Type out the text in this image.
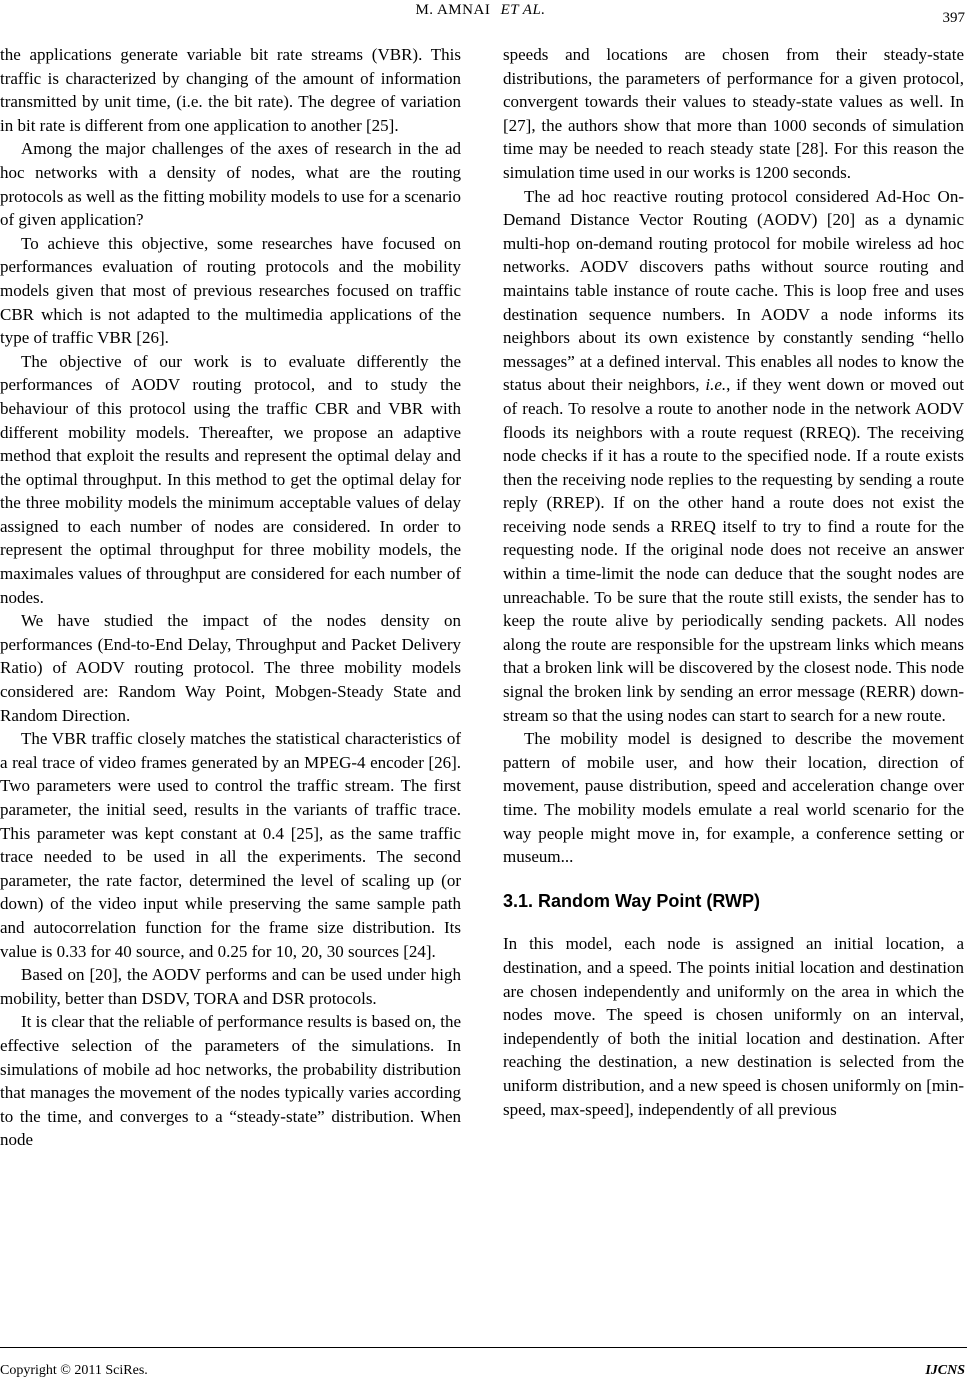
M. AMNAI ET AL.	397

the applications generate variable bit rate streams (VBR). This traffic is characterized by changing of the amount of information transmitted by unit time, (i.e. the bit rate). The degree of variation in bit rate is different from one application to another [25].

Among the major challenges of the axes of research in the ad hoc networks with a density of nodes, what are the routing protocols as well as the fitting mobility models to use for a scenario of given application?

To achieve this objective, some researches have focused on performances evaluation of routing protocols and the mobility models given that most of previous researches focused on traffic CBR which is not adapted to the multimedia applications of the type of traffic VBR [26].

The objective of our work is to evaluate differently the performances of AODV routing protocol, and to study the behaviour of this protocol using the traffic CBR and VBR with different mobility models. Thereafter, we propose an adaptive method that exploit the results and represent the optimal delay and the optimal throughput. In this method to get the optimal delay for the three mobility models the minimum acceptable values of delay assigned to each number of nodes are considered. In order to represent the optimal throughput for three mobility models, the maximales values of throughput are considered for each number of nodes.

We have studied the impact of the nodes density on performances (End-to-End Delay, Throughput and Packet Delivery Ratio) of AODV routing protocol. The three mobility models considered are: Random Way Point, Mobgen-Steady State and Random Direction.

The VBR traffic closely matches the statistical characteristics of a real trace of video frames generated by an MPEG-4 encoder [26]. Two parameters were used to control the traffic stream. The first parameter, the initial seed, results in the variants of traffic trace. This parameter was kept constant at 0.4 [25], as the same traffic trace needed to be used in all the experiments. The second parameter, the rate factor, determined the level of scaling up (or down) of the video input while preserving the same sample path and autocorrelation function for the frame size distribution. Its value is 0.33 for 40 source, and 0.25 for 10, 20, 30 sources [24].

Based on [20], the AODV performs and can be used under high mobility, better than DSDV, TORA and DSR protocols.

It is clear that the reliable of performance results is based on, the effective selection of the parameters of the simulations. In simulations of mobile ad hoc networks, the probability distribution that manages the movement of the nodes typically varies according to the time, and converges to a “steady-state” distribution. When node

speeds and locations are chosen from their steady-state distributions, the parameters of performance for a given protocol, convergent towards their values to steady-state values as well. In [27], the authors show that more than 1000 seconds of simulation time may be needed to reach steady state [28]. For this reason the simulation time used in our works is 1200 seconds.

The ad hoc reactive routing protocol considered Ad-Hoc On-Demand Distance Vector Routing (AODV) [20] as a dynamic multi-hop on-demand routing protocol for mobile wireless ad hoc networks. AODV discovers paths without source routing and maintains table instance of route cache. This is loop free and uses destination sequence numbers. In AODV a node informs its neighbors about its own existence by constantly sending “hello messages” at a defined interval. This enables all nodes to know the status about their neighbors, i.e., if they went down or moved out of reach. To resolve a route to another node in the network AODV floods its neighbors with a route request (RREQ). The receiving node checks if it has a route to the specified node. If a route exists then the receiving node replies to the requesting by sending a route reply (RREP). If on the other hand a route does not exist the receiving node sends a RREQ itself to try to find a route for the requesting node. If the original node does not receive an answer within a time-limit the node can deduce that the sought nodes are unreachable. To be sure that the route still exists, the sender has to keep the route alive by periodically sending packets. All nodes along the route are responsible for the upstream links which means that a broken link will be discovered by the closest node. This node signal the broken link by sending an error message (RERR) downstream so that the using nodes can start to search for a new route.

The mobility model is designed to describe the movement pattern of mobile user, and how their location, direction of movement, pause distribution, speed and acceleration change over time. The mobility models emulate a real world scenario for the way people might move in, for example, a conference setting or museum...

3.1. Random Way Point (RWP)

In this model, each node is assigned an initial location, a destination, and a speed. The points initial location and destination are chosen independently and uniformly on the area in which the nodes move. The speed is chosen uniformly on an interval, independently of both the initial location and destination. After reaching the destination, a new destination is selected from the uniform distribution, and a new speed is chosen uniformly on [min-speed, max-speed], independently of all previous

Copyright © 2011 SciRes.	IJCNS
